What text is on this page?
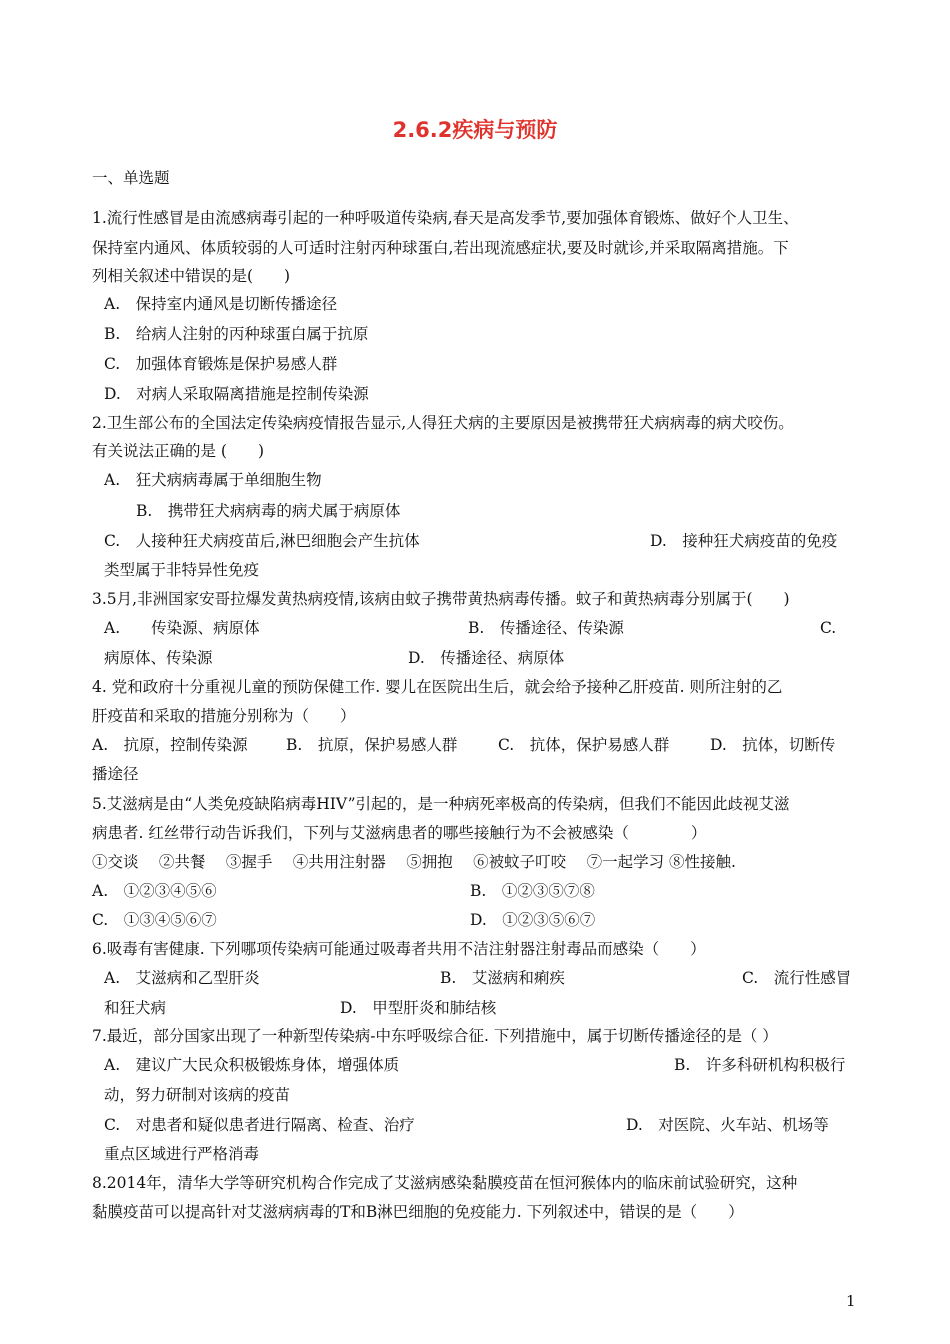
2.6.2疾病与预防
一、单选题
1.流行性感冒是由流感病毒引起的一种呼吸道传染病,春天是高发季节,要加强体育锻炼、做好个人卫生、
保持室内通风、体质较弱的人可适时注射丙种球蛋白,若出现流感症状,要及时就诊,并采取隔离措施。下
列相关叙述中错误的是(　　)
A.　保持室内通风是切断传播途径
B.　给病人注射的丙种球蛋白属于抗原
C.　加强体育锻炼是保护易感人群
D.　对病人采取隔离措施是控制传染源
2.卫生部公布的全国法定传染病疫情报告显示,人得狂犬病的主要原因是被携带狂犬病病毒的病犬咬伤。
有关说法正确的是 (　　)
A.　狂犬病病毒属于单细胞生物
B.　携带狂犬病病毒的病犬属于病原体
C.　人接种狂犬病疫苗后,淋巴细胞会产生抗体	D.　接种狂犬病疫苗的免疫
类型属于非特异性免疫
3.5月,非洲国家安哥拉爆发黄热病疫情,该病由蚊子携带黄热病毒传播。蚊子和黄热病毒分别属于(　　)
A.　　传染源、病原体	B.　传播途径、传染源	C.
病原体、传染源	D.　传播途径、病原体
4. 党和政府十分重视儿童的预防保健工作. 婴儿在医院出生后，就会给予接种乙肝疫苗. 则所注射的乙
肝疫苗和采取的措施分别称为（　　）
A.　抗原，控制传染源 B.　抗原，保护易感人群	C.　抗体，保护易感人群	D.　抗体，切断传
播途径
5.艾滋病是由“人类免疫缺陷病毒HIV”引起的，是一种病死率极高的传染病，但我们不能因此歧视艾滋
病患者. 红丝带行动告诉我们，下列与艾滋病患者的哪些接触行为不会被感染（　　　　）
①交谈　 ②共餐　 ③握手　 ④共用注射器　 ⑤拥抱　 ⑥被蚊子叮咬　 ⑦一起学习 ⑧性接触.
A.　①②③④⑤⑥	B.　①②③⑤⑦⑧
C.　①③④⑤⑥⑦	D.　①②③⑤⑥⑦
6.吸毒有害健康. 下列哪项传染病可能通过吸毒者共用不洁注射器注射毒品而感染（　　）
A.　艾滋病和乙型肝炎	B.　艾滋病和痢疾	C.　流行性感冒
和狂犬病	D.　甲型肝炎和肺结核
7.最近，部分国家出现了一种新型传染病-中东呼吸综合征. 下列措施中，属于切断传播途径的是（ ）
A.　建议广大民众积极锻炼身体，增强体质	B.　许多科研机构积极行
动，努力研制对该病的疫苗
C.　对患者和疑似患者进行隔离、检查、治疗	D.　对医院、火车站、机场等
重点区域进行严格消毒
8.2014年，清华大学等研究机构合作完成了艾滋病感染黏膜疫苗在恒河猴体内的临床前试验研究，这种
黏膜疫苗可以提高针对艾滋病病毒的T和B淋巴细胞的免疫能力. 下列叙述中，错误的是（　　）
1
